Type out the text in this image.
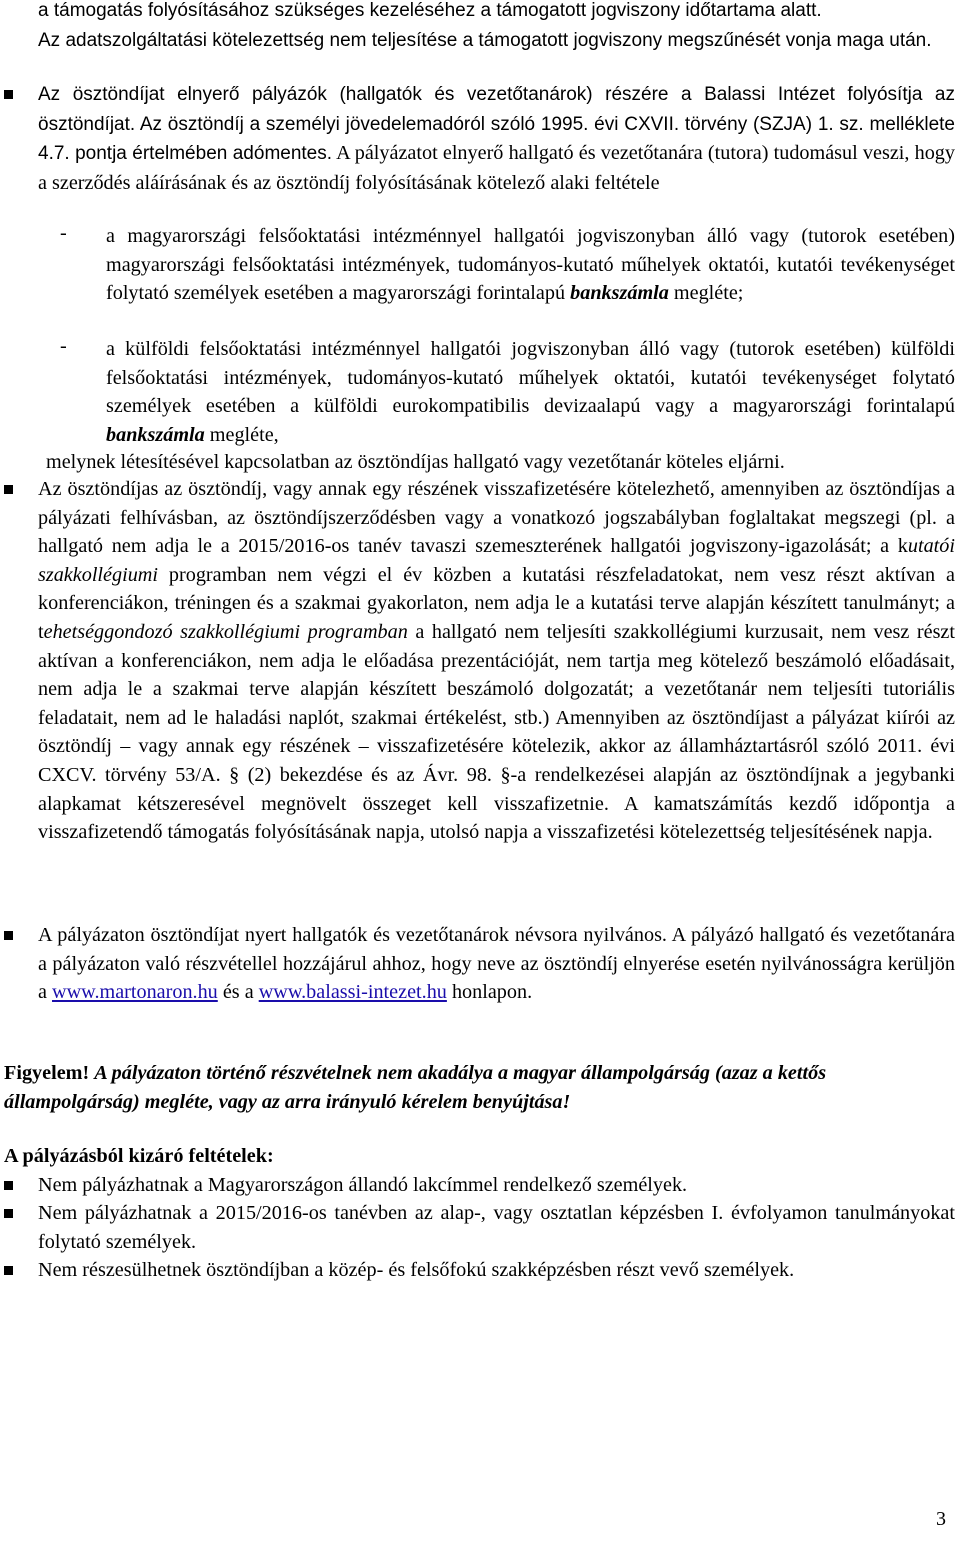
a támogatás folyósításához szükséges kezeléséhez a támogatott jogviszony időtartama alatt.
Az adatszolgáltatási kötelezettség nem teljesítése a támogatott jogviszony megszűnését vonja maga után.
Az ösztöndíjat elnyerő pályázók (hallgatók és vezetőtanárok) részére a Balassi Intézet folyósítja az ösztöndíjat. Az ösztöndíj a személyi jövedelemadóról szóló 1995. évi CXVII. törvény (SZJA) 1. sz. melléklete 4.7. pontja értelmében adómentes. A pályázatot elnyerő hallgató és vezetőtanára (tutora) tudomásul veszi, hogy a szerződés aláírásának és az ösztöndíj folyósításának kötelező alaki feltétele
- a magyarországi felsőoktatási intézménnyel hallgatói jogviszonyban álló vagy (tutorok esetében) magyarországi felsőoktatási intézmények, tudományos-kutató műhelyek oktatói, kutatói tevékenységet folytató személyek esetében a magyarországi forintalapú bankszámla megléte;
- a külföldi felsőoktatási intézménnyel hallgatói jogviszonyban álló vagy (tutorok esetében) külföldi felsőoktatási intézmények, tudományos-kutató műhelyek oktatói, kutatói tevékenységet folytató személyek esetében a külföldi eurokompatibilis devizaalapú vagy a magyarországi forintalapú bankszámla megléte,
melynek létesítésével kapcsolatban az ösztöndíjas hallgató vagy vezetőtanár köteles eljárni.
Az ösztöndíjas az ösztöndíj, vagy annak egy részének visszafizetésére kötelezhető, amennyiben az ösztöndíjas a pályázati felhívásban, az ösztöndíjszerződésben vagy a vonatkozó jogszabályban foglaltakat megszegi (pl. a hallgató nem adja le a 2015/2016-os tanév tavaszi szemeszterének hallgatói jogviszony-igazolását; a kutatói szakkollégiumi programban nem végzi el év közben a kutatási részfeladatokat, nem vesz részt aktívan a konferenciákon, tréningen és a szakmai gyakorlaton, nem adja le a kutatási terve alapján készített tanulmányt; a tehetséggondozó szakkollégiumi programban a hallgató nem teljesíti szakkollégiumi kurzusait, nem vesz részt aktívan a konferenciákon, nem adja le előadása prezentációját, nem tartja meg kötelező beszámoló előadásait, nem adja le a szakmai terve alapján készített beszámoló dolgozatát; a vezetőtanár nem teljesíti tutoriális feladatait, nem ad le haladási naplót, szakmai értékelést, stb.) Amennyiben az ösztöndíjast a pályázat kiírói az ösztöndíj – vagy annak egy részének – visszafizetésére kötelezik, akkor az államháztartásról szóló 2011. évi CXCV. törvény 53/A. § (2) bekezdése és az Ávr. 98. §-a rendelkezései alapján az ösztöndíjnak a jegybanki alapkamat kétszeresével megnövelt összeget kell visszafizetnie. A kamatszámítás kezdő időpontja a visszafizetendő támogatás folyósításának napja, utolsó napja a visszafizetési kötelezettség teljesítésének napja.
A pályázaton ösztöndíjat nyert hallgatók és vezetőtanárok névsora nyilvános. A pályázó hallgató és vezetőtanára a pályázaton való részvétellel hozzájárul ahhoz, hogy neve az ösztöndíj elnyerése esetén nyilvánosságra kerüljön a www.martonaron.hu és a www.balassi-intezet.hu honlapon.
Figyelem! A pályázaton történő részvételnek nem akadálya a magyar állampolgárság (azaz a kettős állampolgárság) megléte, vagy az arra irányuló kérelem benyújtása!
A pályázásból kizáró feltételek:
Nem pályázhatnak a Magyarországon állandó lakcímmel rendelkező személyek.
Nem pályázhatnak a 2015/2016-os tanévben az alap-, vagy osztatlan képzésben I. évfolyamon tanulmányokat folytató személyek.
Nem részesülhetnek ösztöndíjban a közép- és felsőfokú szakképzésben részt vevő személyek.
3
